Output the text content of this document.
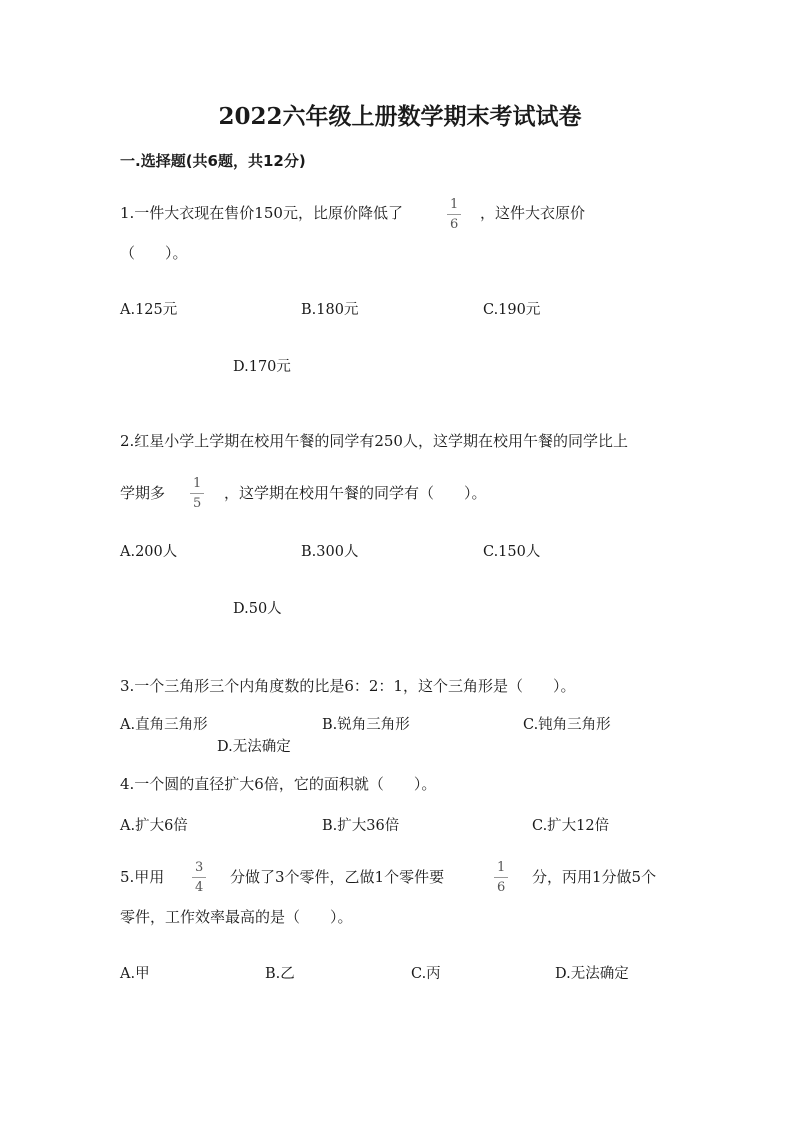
2022六年级上册数学期末考试试卷
一.选择题(共6题，共12分)
1.一件大衣现在售价150元，比原价降低了	$\frac{1}{6}$ ，这件大衣原价
（　　）。
A.125元	B.180元	C.190元
D.170元
2.红星小学上学期在校用午餐的同学有250人，这学期在校用午餐的同学比上
学期多 $\frac{1}{5}$ ，这学期在校用午餐的同学有（　　）。
A.200人	B.300人	C.150人
D.50人
3.一个三角形三个内角度数的比是6：2：1，这个三角形是（　　）。
A.直角三角形	B.锐角三角形	C.钝角三角形
D.无法确定
4.一个圆的直径扩大6倍，它的面积就（　　）。
A.扩大6倍	B.扩大36倍	C.扩大12倍
5.甲用 $\frac{3}{4}$ 分做了3个零件，乙做1个零件要	$\frac{1}{6}$ 分，丙用1分做5个
零件，工作效率最高的是（　　）。
A.甲	B.乙	C.丙	D.无法确定
